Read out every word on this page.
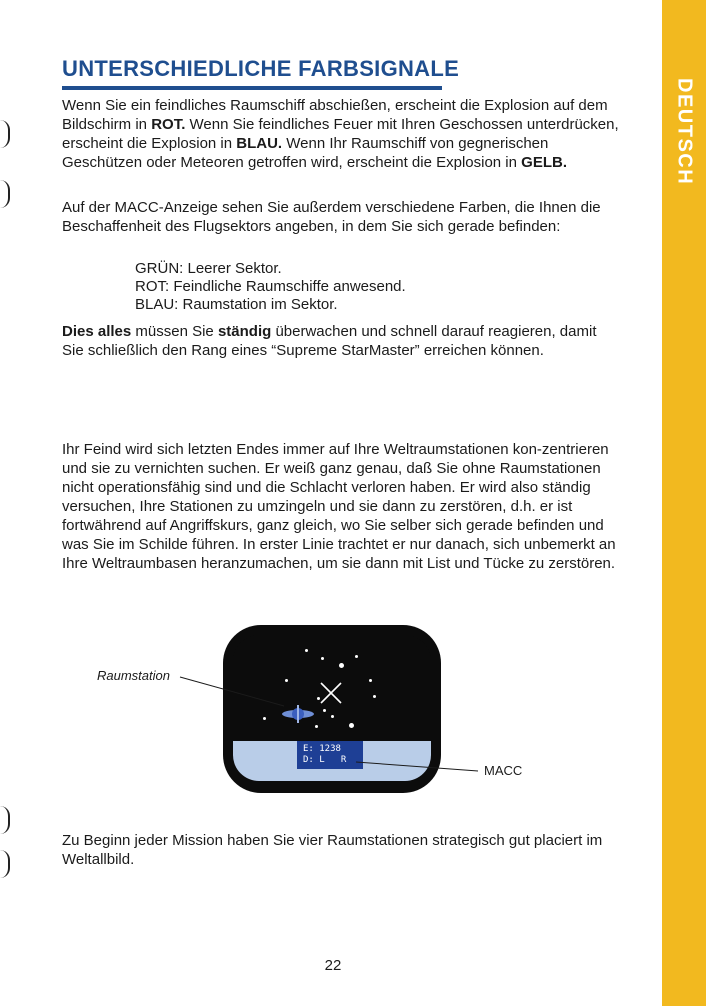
DEUTSCH
UNTERSCHIEDLICHE FARBSIGNALE

Wenn Sie ein feindliches Raumschiff abschießen, erscheint die Explosion auf dem Bildschirm in ROT. Wenn Sie feindliches Feuer mit Ihren Geschossen unterdrücken, erscheint die Explosion in BLAU. Wenn Ihr Raumschiff von gegnerischen Geschützen oder Meteoren getroffen wird, erscheint die Explosion in GELB.

Auf der MACC-Anzeige sehen Sie außerdem verschiedene Farben, die Ihnen die Beschaffenheit des Flugsektors angeben, in dem Sie sich gerade befinden:

GRÜN: Leerer Sektor.
ROT: Feindliche Raumschiffe anwesend.
BLAU: Raumstation im Sektor.

Dies alles müssen Sie ständig überwachen und schnell darauf reagieren, damit Sie schließlich den Rang eines “Supreme StarMaster” erreichen können.

Ihr Feind wird sich letzten Endes immer auf Ihre Weltraumstationen kon-zentrieren und sie zu vernichten suchen. Er weiß ganz genau, daß Sie ohne Raumstationen nicht operationsfähig sind und die Schlacht verloren haben. Er wird also ständig versuchen, Ihre Stationen zu umzingeln und sie dann zu zerstören, d.h. er ist fortwährend auf Angriffskurs, ganz gleich, wo Sie selber sich gerade befinden und was Sie im Schilde führen. In erster Linie trachtet er nur danach, sich unbemerkt an Ihre Weltraumbasen heranzumachen, um sie dann mit List und Tücke zu zerstören.

E: 1238
D: L   R
Raumstation
MACC

Zu Beginn jeder Mission haben Sie vier Raumstationen strategisch gut placiert im Weltallbild.

22
